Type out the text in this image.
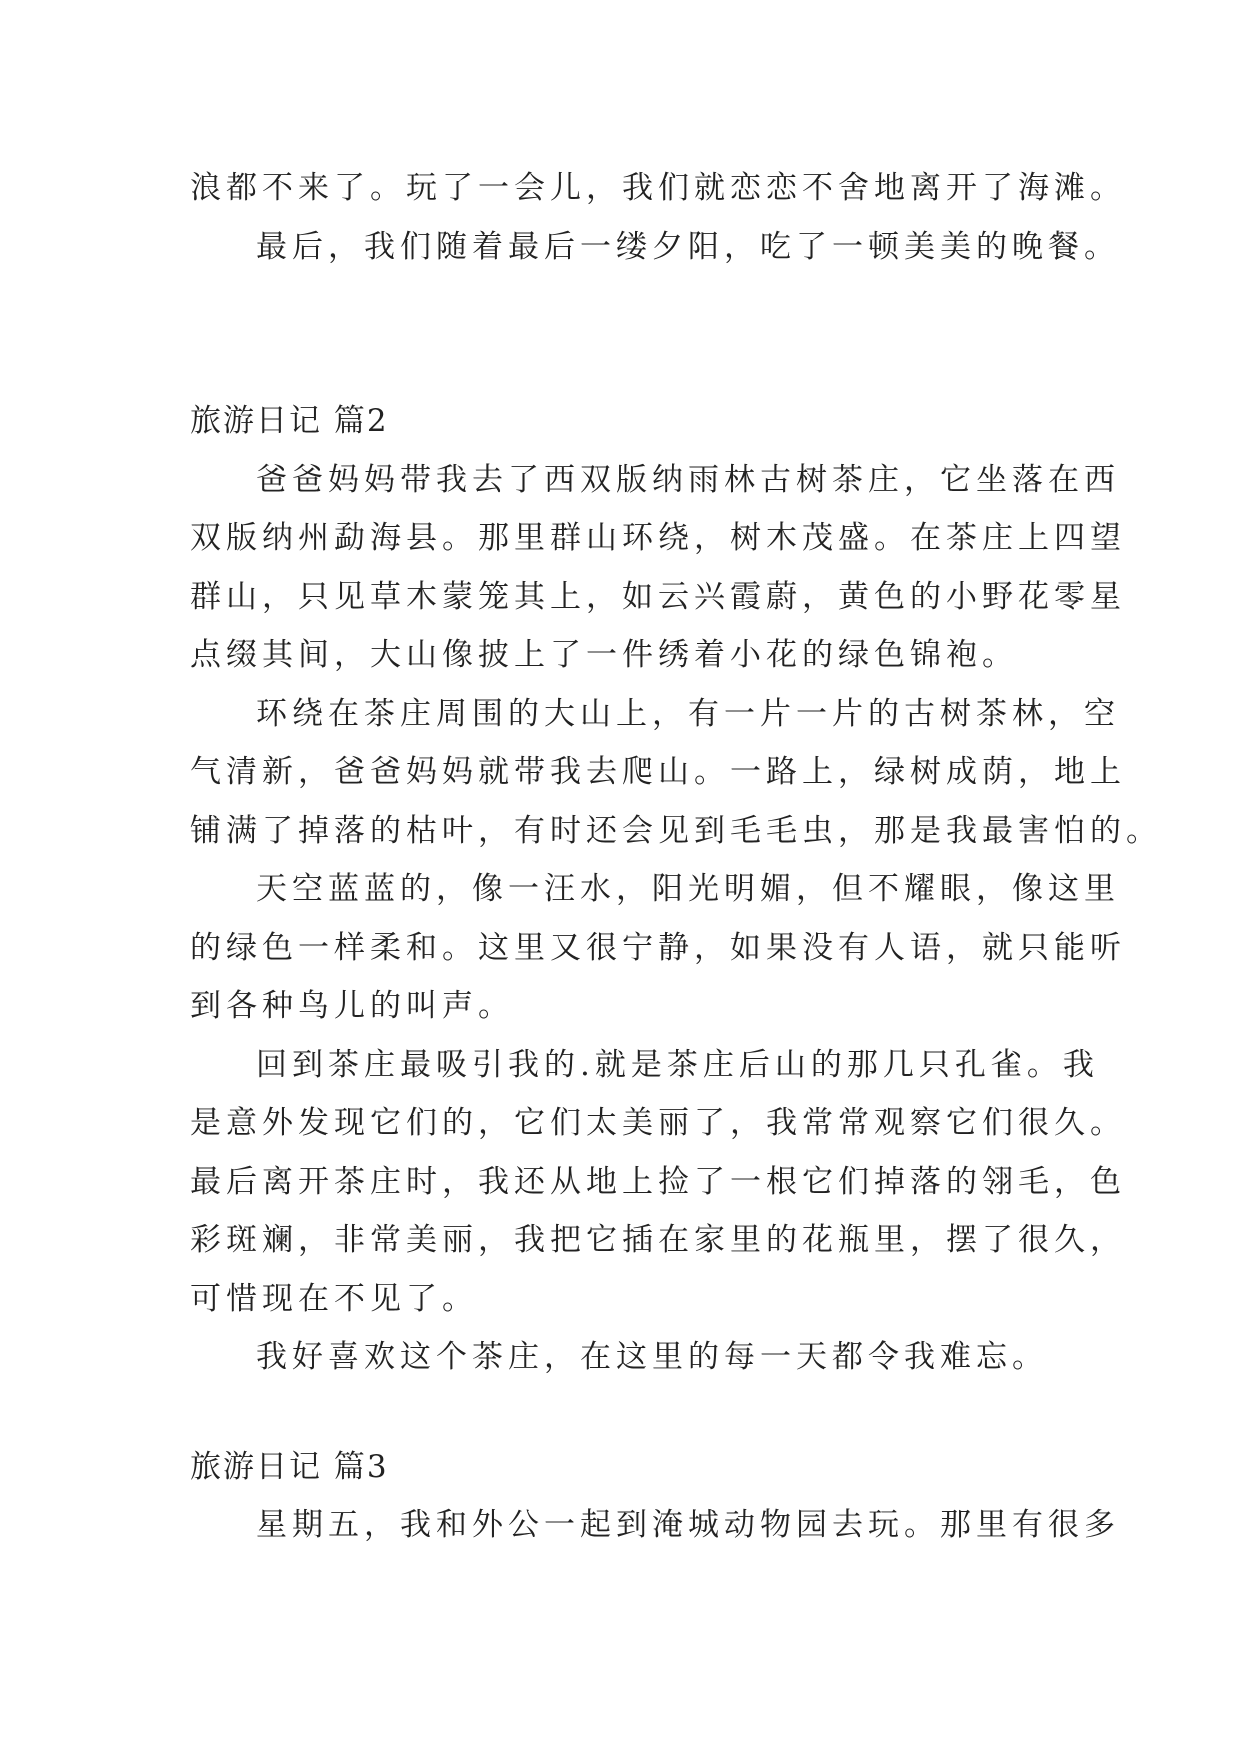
浪都不来了。玩了一会儿，我们就恋恋不舍地离开了海滩。
最后，我们随着最后一缕夕阳，吃了一顿美美的晚餐。
旅游日记 篇2
爸爸妈妈带我去了西双版纳雨林古树茶庄，它坐落在西
双版纳州勐海县。那里群山环绕，树木茂盛。在茶庄上四望
群山，只见草木蒙笼其上，如云兴霞蔚，黄色的小野花零星
点缀其间，大山像披上了一件绣着小花的绿色锦袍。
环绕在茶庄周围的大山上，有一片一片的古树茶林，空
气清新，爸爸妈妈就带我去爬山。一路上，绿树成荫，地上
铺满了掉落的枯叶，有时还会见到毛毛虫，那是我最害怕的。
天空蓝蓝的，像一汪水，阳光明媚，但不耀眼，像这里
的绿色一样柔和。这里又很宁静，如果没有人语，就只能听
到各种鸟儿的叫声。
回到茶庄最吸引我的.就是茶庄后山的那几只孔雀。我
是意外发现它们的，它们太美丽了，我常常观察它们很久。
最后离开茶庄时，我还从地上捡了一根它们掉落的翎毛，色
彩斑斓，非常美丽，我把它插在家里的花瓶里，摆了很久，
可惜现在不见了。
我好喜欢这个茶庄，在这里的每一天都令我难忘。
旅游日记 篇3
星期五，我和外公一起到淹城动物园去玩。那里有很多
